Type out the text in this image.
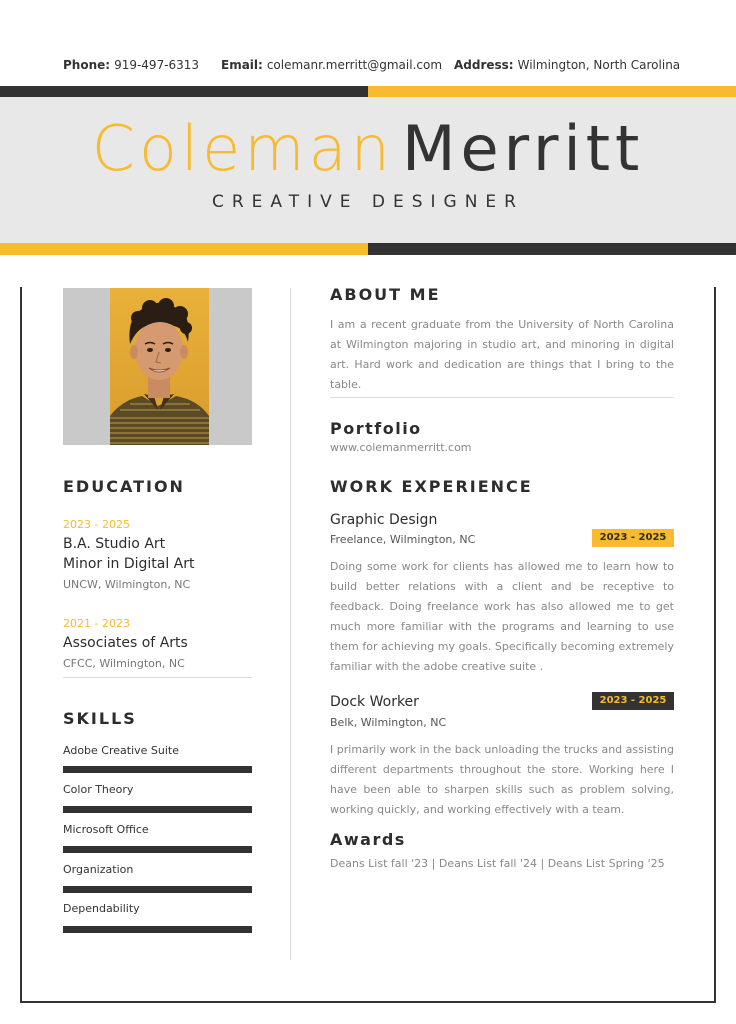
Phone: 919-497-6313 Email: colemanr.merritt@gmail.com Address: Wilmington, North Carolina
Coleman Merritt
CREATIVE DESIGNER
EDUCATION
2023 - 2025
B.A. Studio Art
Minor in Digital Art
UNCW, Wilmington, NC
2021 - 2023
Associates of Arts
CFCC, Wilmington, NC
SKILLS
Adobe Creative Suite
Color Theory
Microsoft Office
Organization
Dependability
ABOUT ME
I am a recent graduate from the University of North Carolina at Wilmington majoring in studio art, and minoring in digital art. Hard work and dedication are things that I bring to the table.
Portfolio
www.colemanmerritt.com
WORK EXPERIENCE
Graphic Design
Freelance, Wilmington, NC	2023 - 2025
Doing some work for clients has allowed me to learn how to build better relations with a client and be receptive to feedback. Doing freelance work has also allowed me to get much more familiar with the programs and learning to use them for achieving my goals. Specifically becoming extremely familiar with the adobe creative suite .
Dock Worker
Belk, Wilmington, NC
2023 - 2025
I primarily work in the back unloading the trucks and assisting different departments throughout the store. Working here I have been able to sharpen skills such as problem solving, working quickly, and working effectively with a team.
Awards
Deans List fall '23 | Deans List fall '24 | Deans List Spring '25
